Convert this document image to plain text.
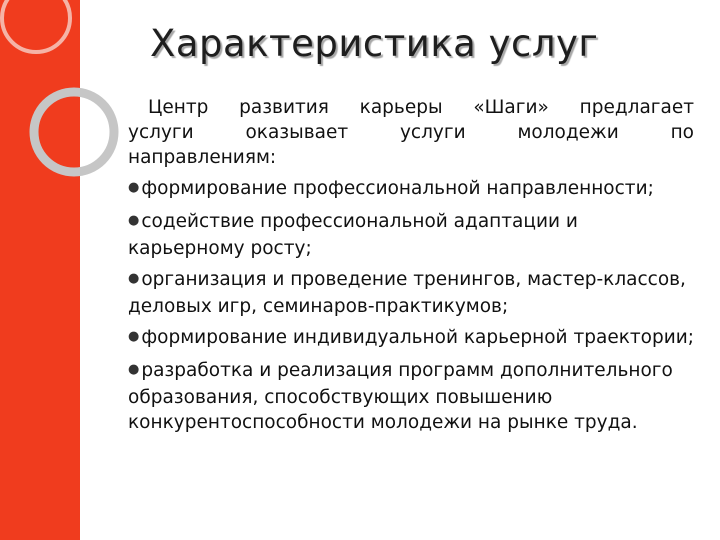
Характеристика услуг
Центр развития карьеры «Шаги» предлагает
услуги оказывает услуги молодежи по
направлениям:
● формирование профессиональной направленности;
● содействие профессиональной адаптации и карьерному росту;
● организация и проведение тренингов, мастер-классов, деловых игр, семинаров-практикумов;
● формирование индивидуальной карьерной траектории;
● разработка и реализация программ дополнительного образования, способствующих повышению конкурентоспособности молодежи на рынке труда.
